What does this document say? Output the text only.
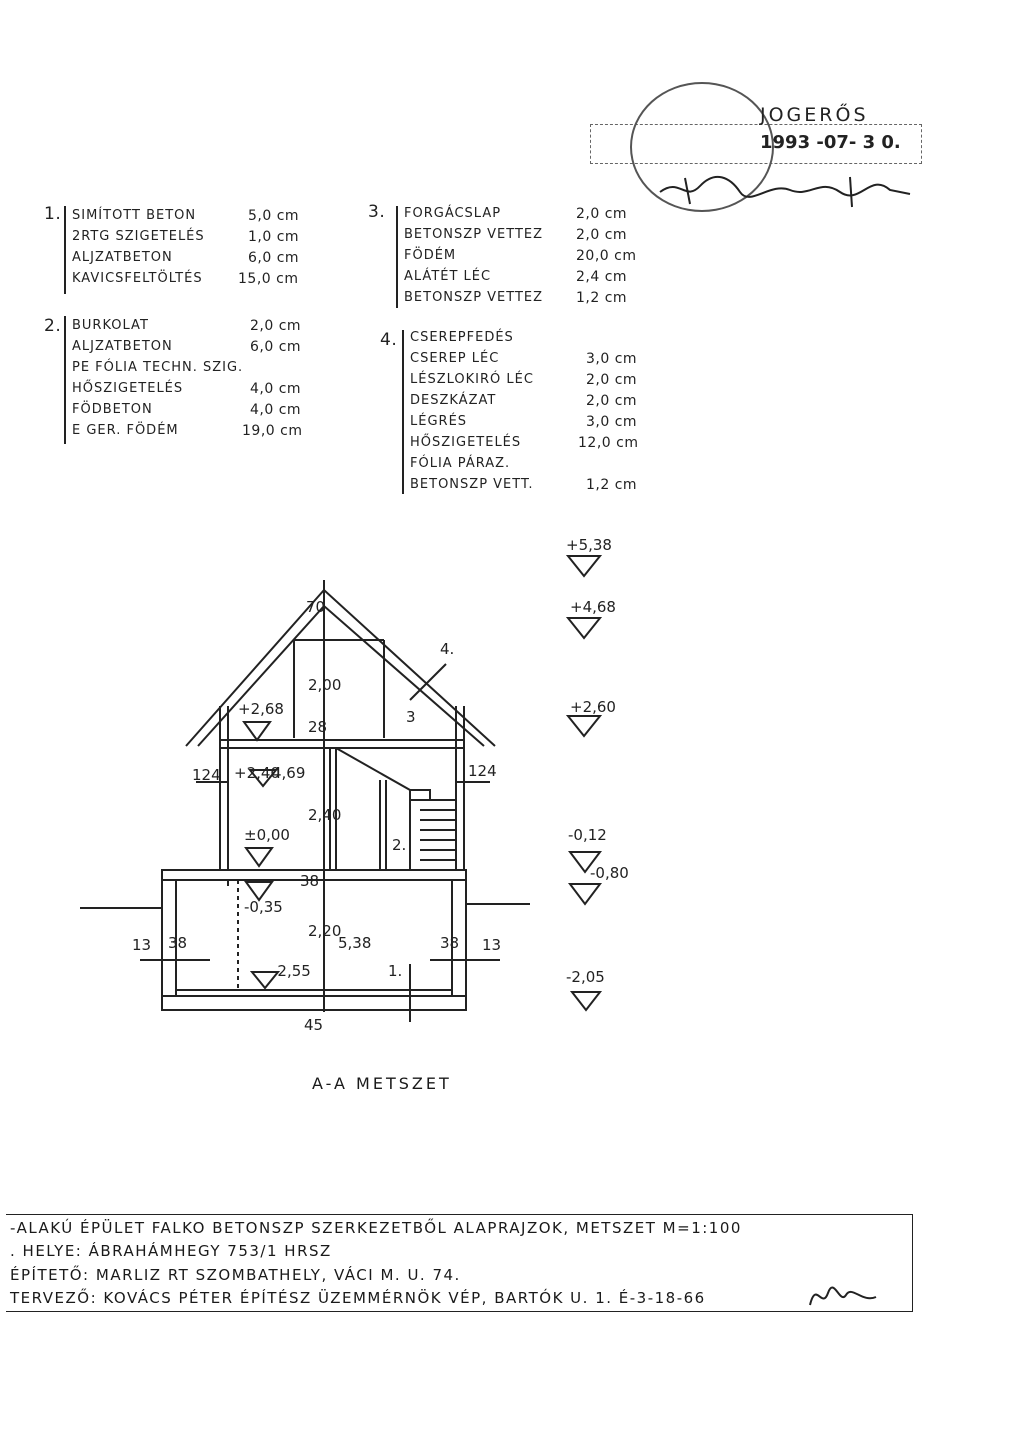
JOGERŐS
1993 -07- 3 0.
1. SIMÍTOTT BETON	5,0 cm
2RTG SZIGETELÉS	1,0 cm
ALJZATBETON	6,0 cm
KAVICSFELTÖLTÉS	15,0 cm
2. BURKOLAT	2,0 cm
ALJZATBETON	6,0 cm
PE FÓLIA TECHN. SZIG.
HŐSZIGETELÉS	4,0 cm
FÖDBETON	4,0 cm
E GER. FÖDÉM	19,0 cm
3. FORGÁCSLAP	2,0 cm
BETONSZP VETTEZ 2,0 cm
FÖDÉM	20,0 cm
ALÁTÉT LÉC	2,4 cm
BETONSZP VETTEZ 1,2 cm
4. CSEREPFEDÉS
CSEREP LÉC	3,0 cm
LÉSZLOKIRÓ LÉC	2,0 cm
DESZKÁZAT	2,0 cm
LÉGRÉS	3,0 cm
HŐSZIGETELÉS	12,0 cm
FÓLIA PÁRAZ.
BETONSZP VETT.	1,2 cm
+5,38
+4,68
+2,60
-0,12
-0,80
-2,05
+2,68
+2,40
4,69
±0,00
-0,35
-2,55
70
2,00
28
2,40
38
2,20
5,38	38
13	13
45
124	124
38
4.
3
2.
1.
A-A METSZET
-ALAKÚ ÉPÜLET FALKO BETONSZP SZERKEZETBŐL ALAPRAJZOK, METSZET M=1:100
. HELYE: ÁBRAHÁMHEGY 753/1 HRSZ
ÉPÍTETŐ: MARLIZ RT SZOMBATHELY, VÁCI M. U. 74.
TERVEZŐ: KOVÁCS PÉTER ÉPÍTÉSZ ÜZEMMÉRNÖK VÉP, BARTÓK U. 1. É-3-18-66
